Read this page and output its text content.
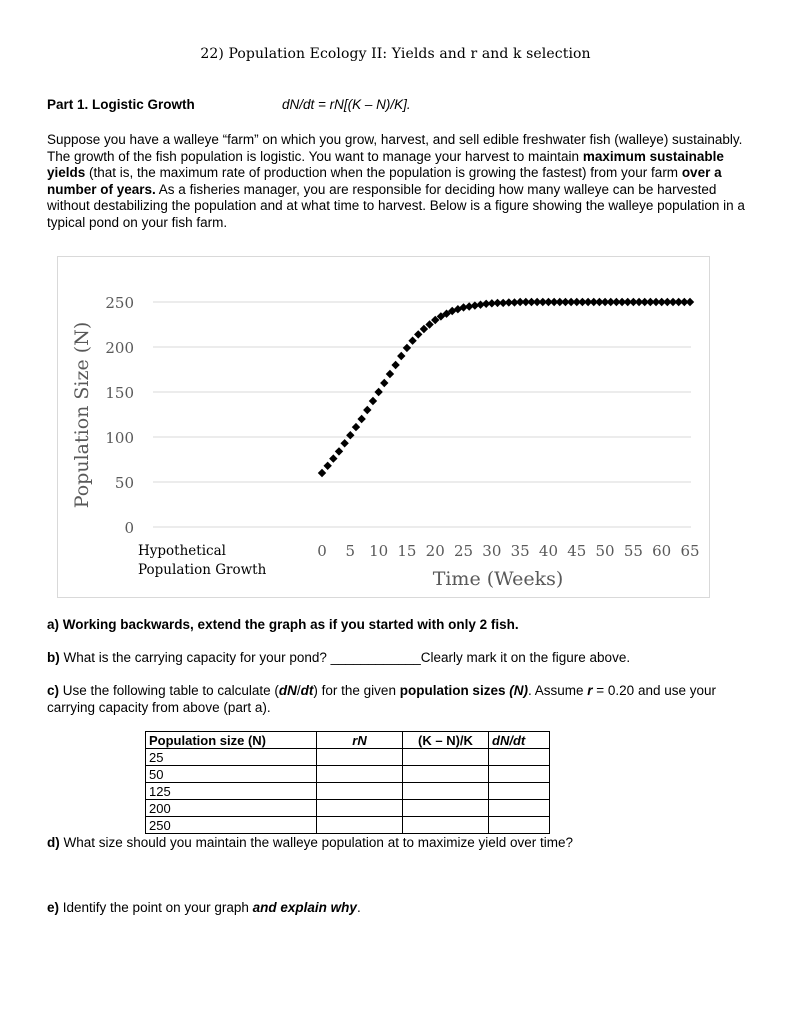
22) Population Ecology II: Yields and r and k selection
Part 1. Logistic Growth	dN/dt = rN[(K – N)/K].
Suppose you have a walleye “farm” on which you grow, harvest, and sell edible freshwater fish (walleye) sustainably. The growth of the fish population is logistic. You want to manage your harvest to maintain maximum sustainable yields (that is, the maximum rate of production when the population is growing the fastest) from your farm over a number of years. As a fisheries manager, you are responsible for deciding how many walleye can be harvested without destabilizing the population and at what time to harvest. Below is a figure showing the walleye population in a typical pond on your fish farm.
0
50
100
150
200
250
0 5 10 15 20 25 30 35 40 45 50 55 60 65
Population Size (N)
Time (Weeks)
Hypothetical
Population Growth
a) Working backwards, extend the graph as if you started with only 2 fish.
b) What is the carrying capacity for your pond? ____________Clearly mark it on the figure above.
c) Use the following table to calculate (dN/dt) for the given population sizes (N). Assume r = 0.20 and use your carrying capacity from above (part a).
Population size (N)	rN	(K – N)/K	dN/dt
25			
50			
125			
200			
250			
d) What size should you maintain the walleye population at to maximize yield over time?
e) Identify the point on your graph and explain why.
